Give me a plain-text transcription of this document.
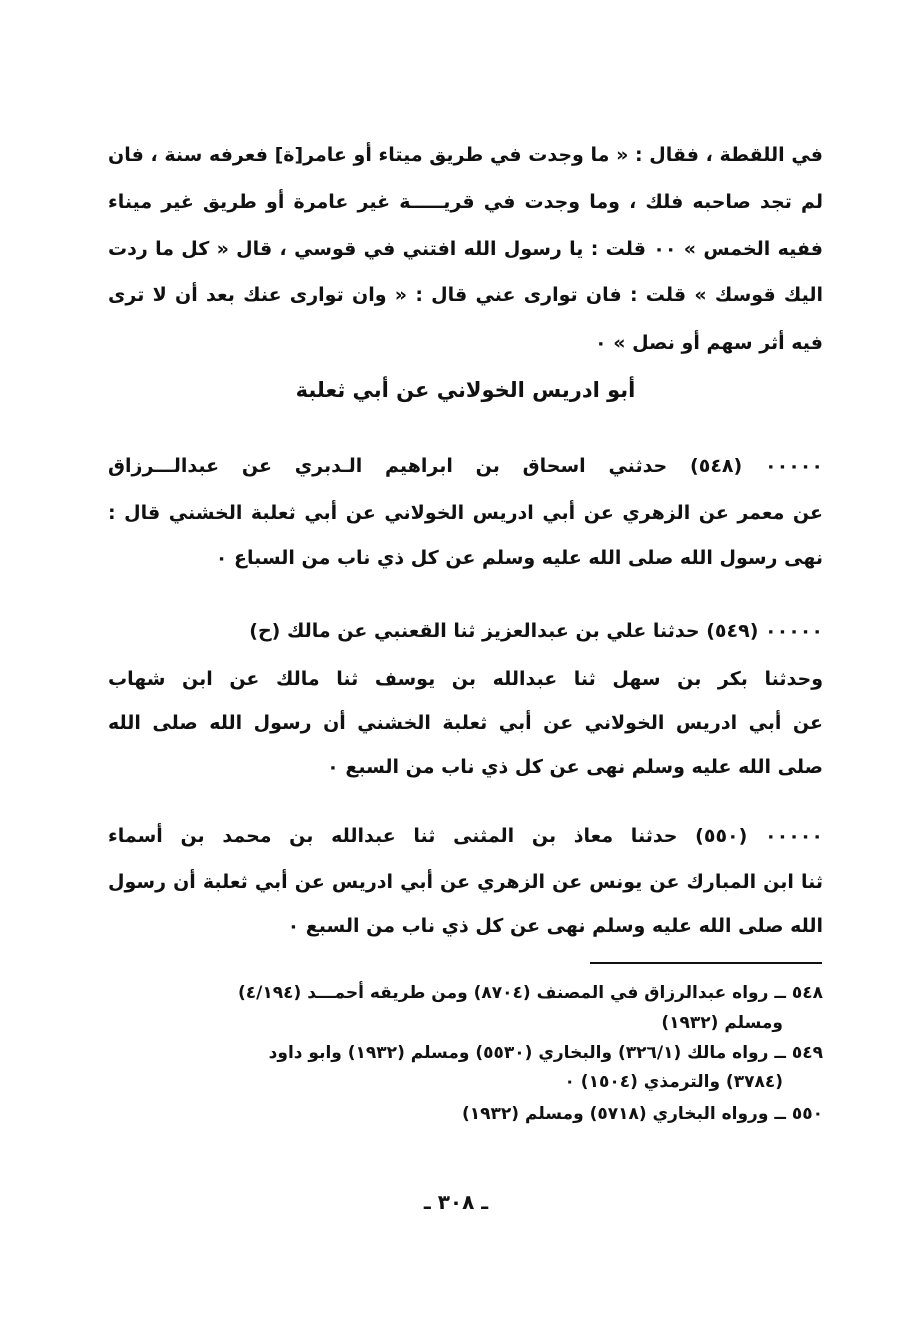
في اللقطة ، فقال : « ما وجدت في طريق ميتاء أو عامر[ة] فعرفه سنة ، فان
لم تجد صاحبه فلك ، وما وجدت في قريـــــة غير عامرة أو طريق غير ميناء
ففيه الخمس » ٠٠ قلت : يا رسول الله افتني في قوسي ، قال « كل ما ردت
اليك قوسك » قلت : فان توارى عني قال : « وان توارى عنك بعد أن لا ترى
فيه أثر سهم أو نصل » ٠
أبو ادريس الخولاني عن أبي ثعلبة
٠٠٠٠٠ (٥٤٨) حدثني اسحاق بن ابراهيم الـدبري عن عبدالـــرزاق
عن معمر عن الزهري عن أبي ادريس الخولاني عن أبي ثعلبة الخشني قال :
نهى رسول الله صلى الله عليه وسلم عن كل ذي ناب من السباع ٠
٠٠٠٠٠ (٥٤٩) حدثنا علي بن عبدالعزيز ثنا القعنبي عن مالك (ح)
وحدثنا بكر بن سهل ثنا عبدالله بن يوسف ثنا مالك عن ابن شهاب
عن أبي ادريس الخولاني عن أبي ثعلبة الخشني أن رسول الله صلى الله
صلى الله عليه وسلم نهى عن كل ذي ناب من السبع ٠
٠٠٠٠٠ (٥٥٠) حدثنا معاذ بن المثنى ثنا عبدالله بن محمد بن أسماء
ثنا ابن المبارك عن يونس عن الزهري عن أبي ادريس عن أبي ثعلبة أن رسول
الله صلى الله عليه وسلم نهى عن كل ذي ناب من السبع ٠
٥٤٨ ــ رواه عبدالرزاق في المصنف (٨٧٠٤) ومن طريقه أحمـــد (٤/١٩٤)
ومسلم (١٩٣٢)
٥٤٩ ــ رواه مالك (٣٢٦/١) والبخاري (٥٥٣٠) ومسلم (١٩٣٢) وابو داود
(٣٧٨٤) والترمذي (١٥٠٤) ٠
٥٥٠ ــ ورواه البخاري (٥٧١٨) ومسلم (١٩٣٢)
ـ ٣٠٨ ـ
